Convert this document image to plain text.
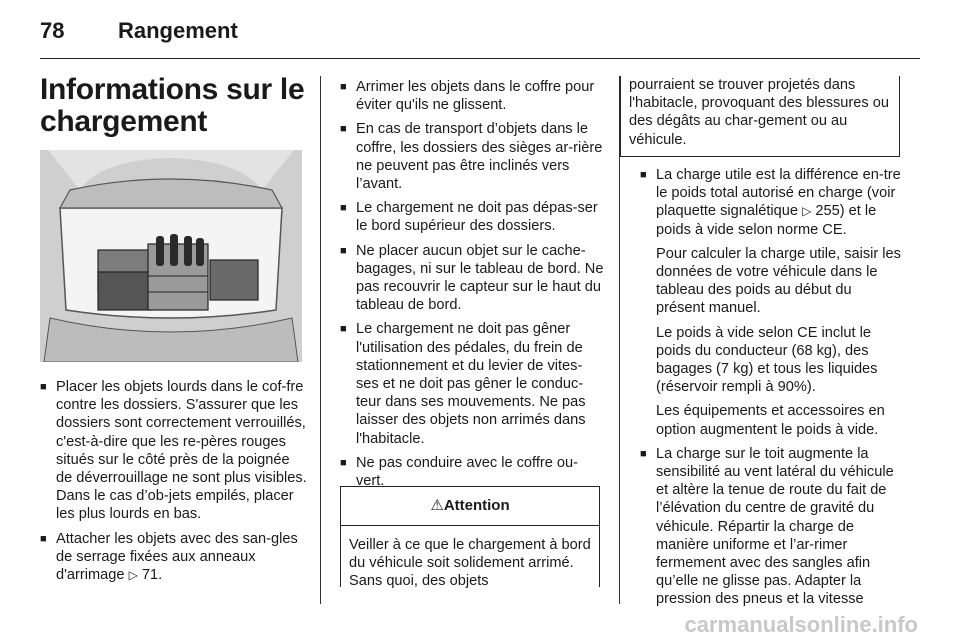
78 Rangement
Informations sur le chargement
■ Placer les objets lourds dans le cof-fre contre les dossiers. S'assurer que les dossiers sont correctement verrouillés, c'est-à-dire que les re-pères rouges situés sur le côté près de la poignée de déverrouillage ne sont plus visibles. Dans le cas d’ob-jets empilés, placer les plus lourds en bas.
■ Attacher les objets avec des san-gles de serrage fixées aux anneaux d'arrimage ▷ 71.
■ Arrimer les objets dans le coffre pour éviter qu'ils ne glissent.
■ En cas de transport d’objets dans le coffre, les dossiers des sièges ar-rière ne peuvent pas être inclinés vers l’avant.
■ Le chargement ne doit pas dépas-ser le bord supérieur des dossiers.
■ Ne placer aucun objet sur le cache-bagages, ni sur le tableau de bord. Ne pas recouvrir le capteur sur le haut du tableau de bord.
■ Le chargement ne doit pas gêner l'utilisation des pédales, du frein de stationnement et du levier de vites-ses et ne doit pas gêner le conduc-teur dans ses mouvements. Ne pas laisser des objets non arrimés dans l'habitacle.
■ Ne pas conduire avec le coffre ou-vert.
⚠Attention
Veiller à ce que le chargement à bord du véhicule soit solidement arrimé. Sans quoi, des objets
pourraient se trouver projetés dans l'habitacle, provoquant des blessures ou des dégâts au char-gement ou au véhicule.
■ La charge utile est la différence en-tre le poids total autorisé en charge (voir plaquette signalétique ▷ 255) et le poids à vide selon norme CE.
Pour calculer la charge utile, saisir les données de votre véhicule dans le tableau des poids au début du présent manuel.
Le poids à vide selon CE inclut le poids du conducteur (68 kg), des bagages (7 kg) et tous les liquides (réservoir rempli à 90%).
Les équipements et accessoires en option augmentent le poids à vide.
■ La charge sur le toit augmente la sensibilité au vent latéral du véhicule et altère la tenue de route du fait de l’élévation du centre de gravité du véhicule. Répartir la charge de manière uniforme et l’ar-rimer fermement avec des sangles afin qu’elle ne glisse pas. Adapter la pression des pneus et la vitesse
carmanualsonline.info
